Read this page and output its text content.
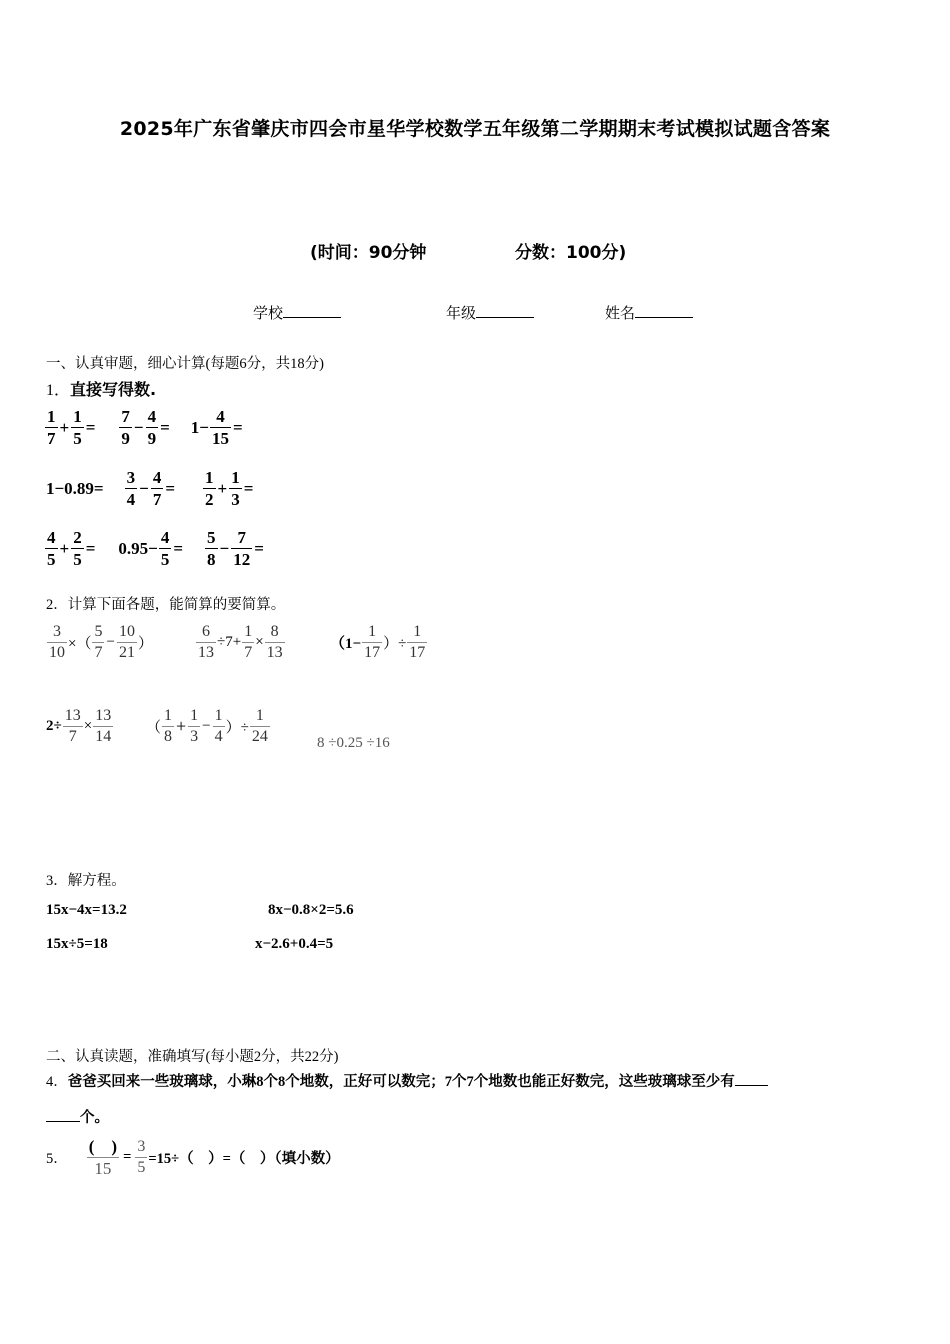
2025年广东省肇庆市四会市星华学校数学五年级第二学期期末考试模拟试题含答案
(时间：90分钟	分数：100分)
学校	年级	姓名
一、认真审题，细心计算(每题6分，共18分)
1．直接写得数.
$\frac{1}{7} + \frac{1}{5} = \frac{7}{9} - \frac{4}{9} = 1- \frac{4}{15}$ =
$1-0.89= \frac{3}{4} - \frac{4}{7} = \frac{1}{2} + \frac{1}{3}$ =
$\frac{4}{5} + \frac{2}{5} = 0.95- \frac{4}{5} = \frac{5}{8} - \frac{7}{12}$ =
2．计算下面各题，能简算的要简算。
$\frac{3}{10}$ ×（ $\frac{5}{7} - \frac{10}{21}$ ）	$\frac{6}{13} \div 7+ \frac{1}{7} \times \frac{8}{13}$	（$1- \frac{1}{17}$ ）÷ $\frac{1}{17}$
$2\div \frac{13}{7} \times \frac{13}{14}$ （ $\frac{1}{8} + \frac{1}{3} - \frac{1}{4}$ ）÷ $\frac{1}{24}$	8 ÷0.25 ÷16
3．解方程。
15x−4x=13.2	8x−0.8×2=5.6
15x÷5=18	x−2.6+0.4=5
二、认真读题，准确填写(每小题2分，共22分)
4．爸爸买回来一些玻璃球，小琳8个8个地数，正好可以数完；7个7个地数也能正好数完，这些玻璃球至少有
个。
5． $\frac{( )}{15} = \frac{3}{5} =15\div$（　）=（　）（填小数）
